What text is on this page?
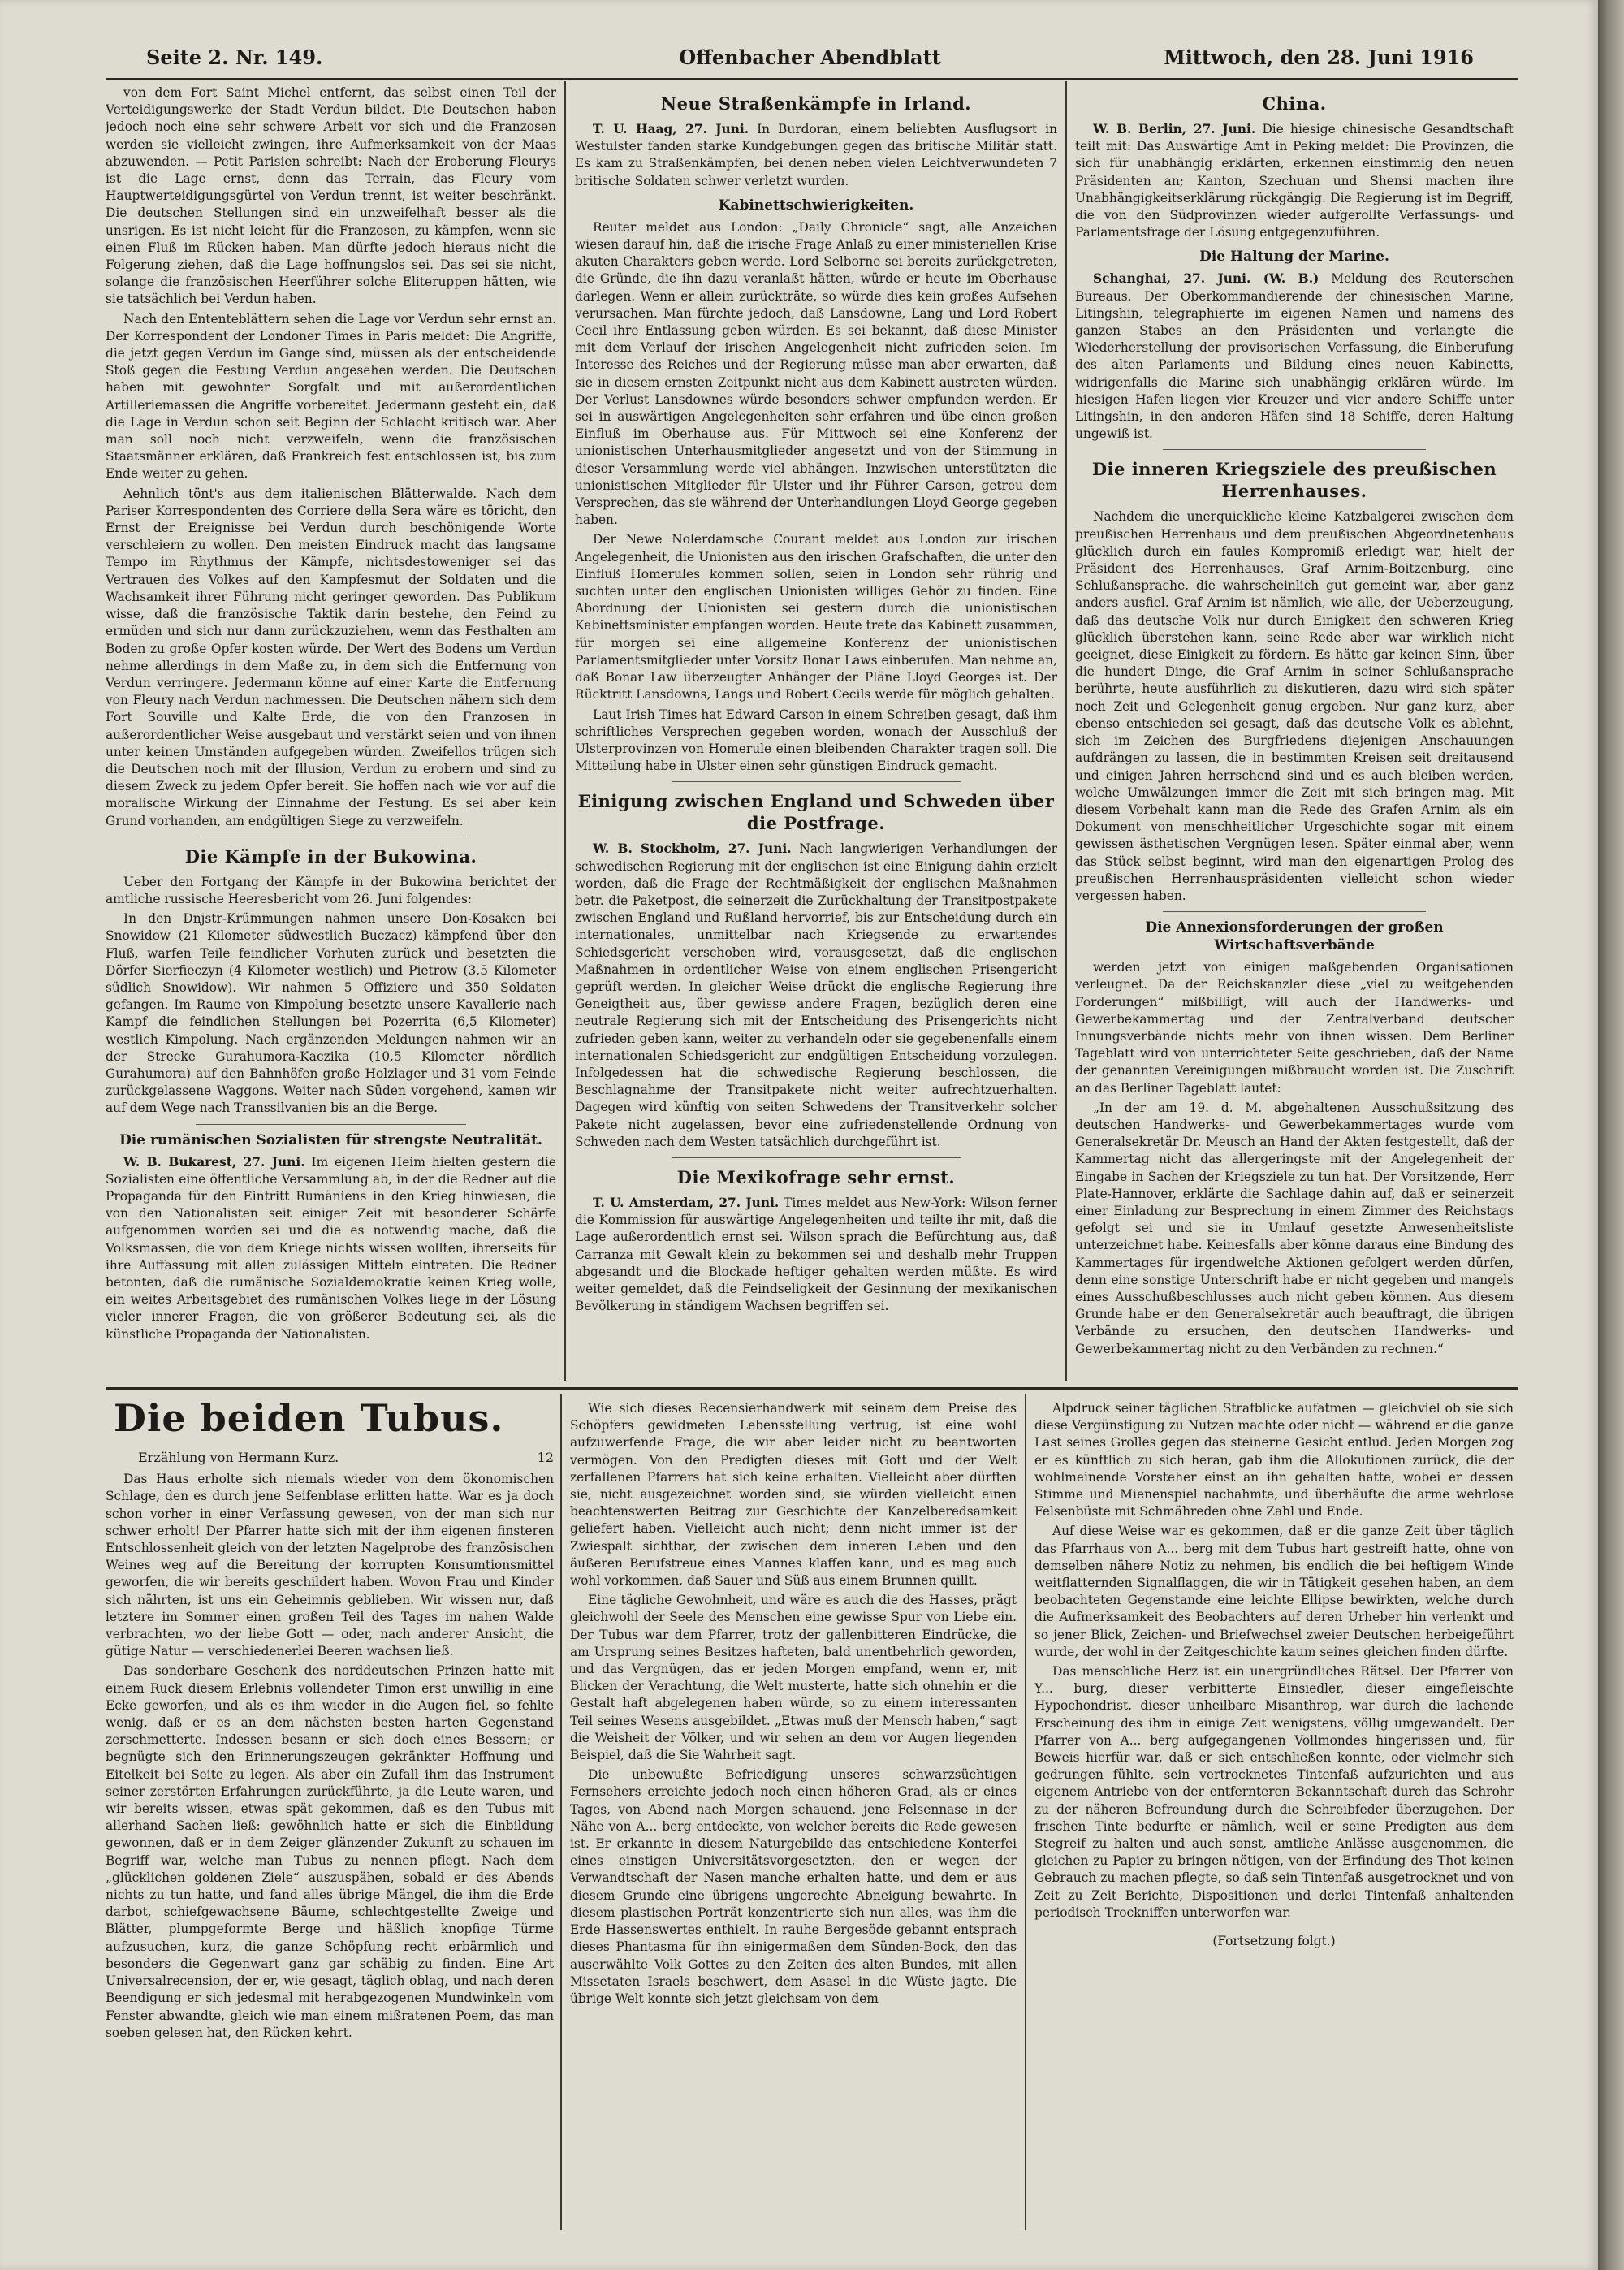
Seite 2. Nr. 149.	Offenbacher Abendblatt	Mittwoch, den 28. Juni 1916

von dem Fort Saint Michel entfernt, das selbst einen Teil der Verteidigungswerke der Stadt Verdun bildet. Die Deutschen haben jedoch noch eine sehr schwere Arbeit vor sich und die Franzosen werden sie vielleicht zwingen, ihre Aufmerksamkeit von der Maas abzuwenden. — Petit Parisien schreibt: Nach der Eroberung Fleurys ist die Lage ernst, denn das Terrain, das Fleury vom Hauptwerteidigungsgürtel von Verdun trennt, ist weiter beschränkt. Die deutschen Stellungen sind ein unzweifelhaft besser als die unsrigen. Es ist nicht leicht für die Franzosen, zu kämpfen, wenn sie einen Fluß im Rücken haben. Man dürfte jedoch hieraus nicht die Folgerung ziehen, daß die Lage hoffnungslos sei. Das sei sie nicht, solange die französischen Heerführer solche Eliteruppen hätten, wie sie tatsächlich bei Verdun haben.

Nach den Ententeblättern sehen die Lage vor Verdun sehr ernst an. Der Korrespondent der Londoner Times in Paris meldet: Die Angriffe, die jetzt gegen Verdun im Gange sind, müssen als der entscheidende Stoß gegen die Festung Verdun angesehen werden. Die Deutschen haben mit gewohnter Sorgfalt und mit außerordentlichen Artilleriemassen die Angriffe vorbereitet. Jedermann gesteht ein, daß die Lage in Verdun schon seit Beginn der Schlacht kritisch war. Aber man soll noch nicht verzweifeln, wenn die französischen Staatsmänner erklären, daß Frankreich fest entschlossen ist, bis zum Ende weiter zu gehen.

Aehnlich tönt's aus dem italienischen Blätterwalde. Nach dem Pariser Korrespondenten des Corriere della Sera wäre es töricht, den Ernst der Ereignisse bei Verdun durch beschönigende Worte verschleiern zu wollen. Den meisten Eindruck macht das langsame Tempo im Rhythmus der Kämpfe, nichtsdestoweniger sei das Vertrauen des Volkes auf den Kampfesmut der Soldaten und die Wachsamkeit ihrer Führung nicht geringer geworden. Das Publikum wisse, daß die französische Taktik darin bestehe, den Feind zu ermüden und sich nur dann zurückzuziehen, wenn das Festhalten am Boden zu große Opfer kosten würde. Der Wert des Bodens um Verdun nehme allerdings in dem Maße zu, in dem sich die Entfernung von Verdun verringere. Jedermann könne auf einer Karte die Entfernung von Fleury nach Verdun nachmessen. Die Deutschen nähern sich dem Fort Souville und Kalte Erde, die von den Franzosen in außerordentlicher Weise ausgebaut und verstärkt seien und von ihnen unter keinen Umständen aufgegeben würden. Zweifellos trügen sich die Deutschen noch mit der Illusion, Verdun zu erobern und sind zu diesem Zweck zu jedem Opfer bereit. Sie hoffen nach wie vor auf die moralische Wirkung der Einnahme der Festung. Es sei aber kein Grund vorhanden, am endgültigen Siege zu verzweifeln.

Die Kämpfe in der Bukowina.

Ueber den Fortgang der Kämpfe in der Bukowina berichtet der amtliche russische Heeresbericht vom 26. Juni folgendes:

In den Dnjstr-Krümmungen nahmen unsere Don-Kosaken bei Snowidow (21 Kilometer südwestlich Buczacz) kämpfend über den Fluß, warfen Teile feindlicher Vorhuten zurück und besetzten die Dörfer Sierfieczyn (4 Kilometer westlich) und Pietrow (3,5 Kilometer südlich Snowidow). Wir nahmen 5 Offiziere und 350 Soldaten gefangen. Im Raume von Kimpolung besetzte unsere Kavallerie nach Kampf die feindlichen Stellungen bei Pozerrita (6,5 Kilometer) westlich Kimpolung. Nach ergänzenden Meldungen nahmen wir an der Strecke Gurahumora-Kaczika (10,5 Kilometer nördlich Gurahumora) auf den Bahnhöfen große Holzlager und 31 vom Feinde zurückgelassene Waggons. Weiter nach Süden vorgehend, kamen wir auf dem Wege nach Transsilvanien bis an die Berge.

Die rumänischen Sozialisten für strengste Neutralität.

W. B. Bukarest, 27. Juni. Im eigenen Heim hielten gestern die Sozialisten eine öffentliche Versammlung ab, in der die Redner auf die Propaganda für den Eintritt Rumäniens in den Krieg hinwiesen, die von den Nationalisten seit einiger Zeit mit besonderer Schärfe aufgenommen worden sei und die es notwendig mache, daß die Volksmassen, die von dem Kriege nichts wissen wollten, ihrerseits für ihre Auffassung mit allen zulässigen Mitteln eintreten. Die Redner betonten, daß die rumänische Sozialdemokratie keinen Krieg wolle, ein weites Arbeitsgebiet des rumänischen Volkes liege in der Lösung vieler innerer Fragen, die von größerer Bedeutung sei, als die künstliche Propaganda der Nationalisten.

Neue Straßenkämpfe in Irland.

T. U. Haag, 27. Juni. In Burdoran, einem beliebten Ausflugsort in Westulster fanden starke Kundgebungen gegen das britische Militär statt. Es kam zu Straßenkämpfen, bei denen neben vielen Leichtverwundeten 7 britische Soldaten schwer verletzt wurden.

Kabinettschwierigkeiten.

Reuter meldet aus London: „Daily Chronicle“ sagt, alle Anzeichen wiesen darauf hin, daß die irische Frage Anlaß zu einer ministeriellen Krise akuten Charakters geben werde. Lord Selborne sei bereits zurückgetreten, die Gründe, die ihn dazu veranlaßt hätten, würde er heute im Oberhause darlegen. Wenn er allein zurückträte, so würde dies kein großes Aufsehen verursachen. Man fürchte jedoch, daß Lansdowne, Lang und Lord Robert Cecil ihre Entlassung geben würden. Es sei bekannt, daß diese Minister mit dem Verlauf der irischen Angelegenheit nicht zufrieden seien. Im Interesse des Reiches und der Regierung müsse man aber erwarten, daß sie in diesem ernsten Zeitpunkt nicht aus dem Kabinett austreten würden. Der Verlust Lansdownes würde besonders schwer empfunden werden. Er sei in auswärtigen Angelegenheiten sehr erfahren und übe einen großen Einfluß im Oberhause aus. Für Mittwoch sei eine Konferenz der unionistischen Unterhausmitglieder angesetzt und von der Stimmung in dieser Versammlung werde viel abhängen. Inzwischen unterstützten die unionistischen Mitglieder für Ulster und ihr Führer Carson, getreu dem Versprechen, das sie während der Unterhandlungen Lloyd George gegeben haben.

Der Newe Nolerdamsche Courant meldet aus London zur irischen Angelegenheit, die Unionisten aus den irischen Grafschaften, die unter den Einfluß Homerules kommen sollen, seien in London sehr rührig und suchten unter den englischen Unionisten williges Gehör zu finden. Eine Abordnung der Unionisten sei gestern durch die unionistischen Kabinettsminister empfangen worden. Heute trete das Kabinett zusammen, für morgen sei eine allgemeine Konferenz der unionistischen Parlamentsmitglieder unter Vorsitz Bonar Laws einberufen. Man nehme an, daß Bonar Law überzeugter Anhänger der Pläne Lloyd Georges ist. Der Rücktritt Lansdowns, Langs und Robert Cecils werde für möglich gehalten.

Laut Irish Times hat Edward Carson in einem Schreiben gesagt, daß ihm schriftliches Versprechen gegeben worden, wonach der Ausschluß der Ulsterprovinzen von Homerule einen bleibenden Charakter tragen soll. Die Mitteilung habe in Ulster einen sehr günstigen Eindruck gemacht.

Einigung zwischen England und Schweden über die Postfrage.

W. B. Stockholm, 27. Juni. Nach langwierigen Verhandlungen der schwedischen Regierung mit der englischen ist eine Einigung dahin erzielt worden, daß die Frage der Rechtmäßigkeit der englischen Maßnahmen betr. die Paketpost, die seinerzeit die Zurückhaltung der Transitpostpakete zwischen England und Rußland hervorrief, bis zur Entscheidung durch ein internationales, unmittelbar nach Kriegsende zu erwartendes Schiedsgericht verschoben wird, vorausgesetzt, daß die englischen Maßnahmen in ordentlicher Weise von einem englischen Prisengericht geprüft werden. In gleicher Weise drückt die englische Regierung ihre Geneigtheit aus, über gewisse andere Fragen, bezüglich deren eine neutrale Regierung sich mit der Entscheidung des Prisengerichts nicht zufrieden geben kann, weiter zu verhandeln oder sie gegebenenfalls einem internationalen Schiedsgericht zur endgültigen Entscheidung vorzulegen. Infolgedessen hat die schwedische Regierung beschlossen, die Beschlagnahme der Transitpakete nicht weiter aufrechtzuerhalten. Dagegen wird künftig von seiten Schwedens der Transitverkehr solcher Pakete nicht zugelassen, bevor eine zufriedenstellende Ordnung von Schweden nach dem Westen tatsächlich durchgeführt ist.

Die Mexikofrage sehr ernst.

T. U. Amsterdam, 27. Juni. Times meldet aus New-York: Wilson ferner die Kommission für auswärtige Angelegenheiten und teilte ihr mit, daß die Lage außerordentlich ernst sei. Wilson sprach die Befürchtung aus, daß Carranza mit Gewalt klein zu bekommen sei und deshalb mehr Truppen abgesandt und die Blockade heftiger gehalten werden müßte. Es wird weiter gemeldet, daß die Feindseligkeit der Gesinnung der mexikanischen Bevölkerung in ständigem Wachsen begriffen sei.

China.

W. B. Berlin, 27. Juni. Die hiesige chinesische Gesandtschaft teilt mit: Das Auswärtige Amt in Peking meldet: Die Provinzen, die sich für unabhängig erklärten, erkennen einstimmig den neuen Präsidenten an; Kanton, Szechuan und Shensi machen ihre Unabhängigkeitserklärung rückgängig. Die Regierung ist im Begriff, die von den Südprovinzen wieder aufgerollte Verfassungs- und Parlamentsfrage der Lösung entgegenzuführen.

Die Haltung der Marine.

Schanghai, 27. Juni. (W. B.) Meldung des Reuterschen Bureaus. Der Oberkommandierende der chinesischen Marine, Litingshin, telegraphierte im eigenen Namen und namens des ganzen Stabes an den Präsidenten und verlangte die Wiederherstellung der provisorischen Verfassung, die Einberufung des alten Parlaments und Bildung eines neuen Kabinetts, widrigenfalls die Marine sich unabhängig erklären würde. Im hiesigen Hafen liegen vier Kreuzer und vier andere Schiffe unter Litingshin, in den anderen Häfen sind 18 Schiffe, deren Haltung ungewiß ist.

Die inneren Kriegsziele des preußischen Herrenhauses.

Nachdem die unerquickliche kleine Katzbalgerei zwischen dem preußischen Herrenhaus und dem preußischen Abgeordnetenhaus glücklich durch ein faules Kompromiß erledigt war, hielt der Präsident des Herrenhauses, Graf Arnim-Boitzenburg, eine Schlußansprache, die wahrscheinlich gut gemeint war, aber ganz anders ausfiel. Graf Arnim ist nämlich, wie alle, der Ueberzeugung, daß das deutsche Volk nur durch Einigkeit den schweren Krieg glücklich überstehen kann, seine Rede aber war wirklich nicht geeignet, diese Einigkeit zu fördern. Es hätte gar keinen Sinn, über die hundert Dinge, die Graf Arnim in seiner Schlußansprache berührte, heute ausführlich zu diskutieren, dazu wird sich später noch Zeit und Gelegenheit genug ergeben. Nur ganz kurz, aber ebenso entschieden sei gesagt, daß das deutsche Volk es ablehnt, sich im Zeichen des Burgfriedens diejenigen Anschauungen aufdrängen zu lassen, die in bestimmten Kreisen seit dreitausend und einigen Jahren herrschend sind und es auch bleiben werden, welche Umwälzungen immer die Zeit mit sich bringen mag. Mit diesem Vorbehalt kann man die Rede des Grafen Arnim als ein Dokument von menschheitlicher Urgeschichte sogar mit einem gewissen ästhetischen Vergnügen lesen. Später einmal aber, wenn das Stück selbst beginnt, wird man den eigenartigen Prolog des preußischen Herrenhauspräsidenten vielleicht schon wieder vergessen haben.

Die Annexionsforderungen der großen Wirtschaftsverbände

werden jetzt von einigen maßgebenden Organisationen verleugnet. Da der Reichskanzler diese „viel zu weitgehenden Forderungen“ mißbilligt, will auch der Handwerks- und Gewerbekammertag und der Zentralverband deutscher Innungsverbände nichts mehr von ihnen wissen. Dem Berliner Tageblatt wird von unterrichteter Seite geschrieben, daß der Name der genannten Vereinigungen mißbraucht worden ist. Die Zuschrift an das Berliner Tageblatt lautet:

„In der am 19. d. M. abgehaltenen Ausschußsitzung des deutschen Handwerks- und Gewerbekammertages wurde vom Generalsekretär Dr. Meusch an Hand der Akten festgestellt, daß der Kammertag nicht das allergeringste mit der Angelegenheit der Eingabe in Sachen der Kriegsziele zu tun hat. Der Vorsitzende, Herr Plate-Hannover, erklärte die Sachlage dahin auf, daß er seinerzeit einer Einladung zur Besprechung in einem Zimmer des Reichstags gefolgt sei und sie in Umlauf gesetzte Anwesenheitsliste unterzeichnet habe. Keinesfalls aber könne daraus eine Bindung des Kammertages für irgendwelche Aktionen gefolgert werden dürfen, denn eine sonstige Unterschrift habe er nicht gegeben und mangels eines Ausschußbeschlusses auch nicht geben können. Aus diesem Grunde habe er den Generalsekretär auch beauftragt, die übrigen Verbände zu ersuchen, den deutschen Handwerks- und Gewerbekammertag nicht zu den Verbänden zu rechnen.“

Die beiden Tubus.
12
Erzählung von Hermann Kurz.

Das Haus erholte sich niemals wieder von dem ökonomischen Schlage, den es durch jene Seifenblase erlitten hatte. War es ja doch schon vorher in einer Verfassung gewesen, von der man sich nur schwer erholt! Der Pfarrer hatte sich mit der ihm eigenen finsteren Entschlossenheit gleich von der letzten Nagelprobe des französischen Weines weg auf die Bereitung der korrupten Konsumtionsmittel geworfen, die wir bereits geschildert haben. Wovon Frau und Kinder sich nährten, ist uns ein Geheimnis geblieben. Wir wissen nur, daß letztere im Sommer einen großen Teil des Tages im nahen Walde verbrachten, wo der liebe Gott — oder, nach anderer Ansicht, die gütige Natur — verschiedenerlei Beeren wachsen ließ.

Das sonderbare Geschenk des norddeutschen Prinzen hatte mit einem Ruck diesem Erlebnis vollendeter Timon erst unwillig in eine Ecke geworfen, und als es ihm wieder in die Augen fiel, so fehlte wenig, daß er es an dem nächsten besten harten Gegenstand zerschmetterte. Indessen besann er sich doch eines Bessern; er begnügte sich den Erinnerungszeugen gekränkter Hoffnung und Eitelkeit bei Seite zu legen. Als aber ein Zufall ihm das Instrument seiner zerstörten Erfahrungen zurückführte, ja die Leute waren, und wir bereits wissen, etwas spät gekommen, daß es den Tubus mit allerhand Sachen ließ: gewöhnlich hatte er sich die Einbildung gewonnen, daß er in dem Zeiger glänzender Zukunft zu schauen im Begriff war, welche man Tubus zu nennen pflegt. Nach dem „glücklichen goldenen Ziele“ auszuspähen, sobald er des Abends nichts zu tun hatte, und fand alles übrige Mängel, die ihm die Erde darbot, schiefgewachsene Bäume, schlechtgestellte Zweige und Blätter, plumpgeformte Berge und häßlich knopfige Türme aufzusuchen, kurz, die ganze Schöpfung recht erbärmlich und besonders die Gegenwart ganz gar schäbig zu finden. Eine Art Universalrecension, der er, wie gesagt, täglich oblag, und nach deren Beendigung er sich jedesmal mit herabgezogenen Mundwinkeln vom Fenster abwandte, gleich wie man einem mißratenen Poem, das man soeben gelesen hat, den Rücken kehrt.

Wie sich dieses Recensierhandwerk mit seinem dem Preise des Schöpfers gewidmeten Lebensstellung vertrug, ist eine wohl aufzuwerfende Frage, die wir aber leider nicht zu beantworten vermögen. Von den Predigten dieses mit Gott und der Welt zerfallenen Pfarrers hat sich keine erhalten. Vielleicht aber dürften sie, nicht ausgezeichnet worden sind, sie würden vielleicht einen beachtenswerten Beitrag zur Geschichte der Kanzelberedsamkeit geliefert haben. Vielleicht auch nicht; denn nicht immer ist der Zwiespalt sichtbar, der zwischen dem inneren Leben und den äußeren Berufstreue eines Mannes klaffen kann, und es mag auch wohl vorkommen, daß Sauer und Süß aus einem Brunnen quillt.

Eine tägliche Gewohnheit, und wäre es auch die des Hasses, prägt gleichwohl der Seele des Menschen eine gewisse Spur von Liebe ein. Der Tubus war dem Pfarrer, trotz der gallenbitteren Eindrücke, die am Ursprung seines Besitzes hafteten, bald unentbehrlich geworden, und das Vergnügen, das er jeden Morgen empfand, wenn er, mit Blicken der Verachtung, die Welt musterte, hatte sich ohnehin er die Gestalt haft abgelegenen haben würde, so zu einem interessanten Teil seines Wesens ausgebildet. „Etwas muß der Mensch haben,“ sagt die Weisheit der Völker, und wir sehen an dem vor Augen liegenden Beispiel, daß die Sie Wahrheit sagt.

Die unbewußte Befriedigung unseres schwarzsüchtigen Fernsehers erreichte jedoch noch einen höheren Grad, als er eines Tages, von Abend nach Morgen schauend, jene Felsennase in der Nähe von A... berg entdeckte, von welcher bereits die Rede gewesen ist. Er erkannte in diesem Naturgebilde das entschiedene Konterfei eines einstigen Universitätsvorgesetzten, den er wegen der Verwandtschaft der Nasen manche erhalten hatte, und dem er aus diesem Grunde eine übrigens ungerechte Abneigung bewahrte. In diesem plastischen Porträt konzentrierte sich nun alles, was ihm die Erde Hassenswertes enthielt. In rauhe Bergesöde gebannt entsprach dieses Phantasma für ihn einigermaßen dem Sünden-Bock, den das auserwählte Volk Gottes zu den Zeiten des alten Bundes, mit allen Missetaten Israels beschwert, dem Asasel in die Wüste jagte. Die übrige Welt konnte sich jetzt gleichsam von dem

Alpdruck seiner täglichen Strafblicke aufatmen — gleichviel ob sie sich diese Vergünstigung zu Nutzen machte oder nicht — während er die ganze Last seines Grolles gegen das steinerne Gesicht entlud. Jeden Morgen zog er es künftlich zu sich heran, gab ihm die Allokutionen zurück, die der wohlmeinende Vorsteher einst an ihn gehalten hatte, wobei er dessen Stimme und Mienenspiel nachahmte, und überhäufte die arme wehrlose Felsenbüste mit Schmähreden ohne Zahl und Ende.

Auf diese Weise war es gekommen, daß er die ganze Zeit über täglich das Pfarrhaus von A... berg mit dem Tubus hart gestreift hatte, ohne von demselben nähere Notiz zu nehmen, bis endlich die bei heftigem Winde weitflatternden Signalflaggen, die wir in Tätigkeit gesehen haben, an dem beobachteten Gegenstande eine leichte Ellipse bewirkten, welche durch die Aufmerksamkeit des Beobachters auf deren Urheber hin verlenkt und so jener Blick, Zeichen- und Briefwechsel zweier Deutschen herbeigeführt wurde, der wohl in der Zeitgeschichte kaum seines gleichen finden dürfte.

Das menschliche Herz ist ein unergründliches Rätsel. Der Pfarrer von Y... burg, dieser verbitterte Einsiedler, dieser eingefleischte Hypochondrist, dieser unheilbare Misanthrop, war durch die lachende Erscheinung des ihm in einige Zeit wenigstens, völlig umgewandelt. Der Pfarrer von A... berg aufgegangenen Vollmondes hingerissen und, für Beweis hierfür war, daß er sich entschließen konnte, oder vielmehr sich gedrungen fühlte, sein vertrocknetes Tintenfaß aufzurichten und aus eigenem Antriebe von der entfernteren Bekanntschaft durch das Schrohr zu der näheren Befreundung durch die Schreibfeder überzugehen. Der frischen Tinte bedurfte er nämlich, weil er seine Predigten aus dem Stegreif zu halten und auch sonst, amtliche Anlässe ausgenommen, die gleichen zu Papier zu bringen nötigen, von der Erfindung des Thot keinen Gebrauch zu machen pflegte, so daß sein Tintenfaß ausgetrocknet und von Zeit zu Zeit Berichte, Dispositionen und derlei Tintenfaß anhaltenden periodisch Trockniffen unterworfen war.

(Fortsetzung folgt.)
